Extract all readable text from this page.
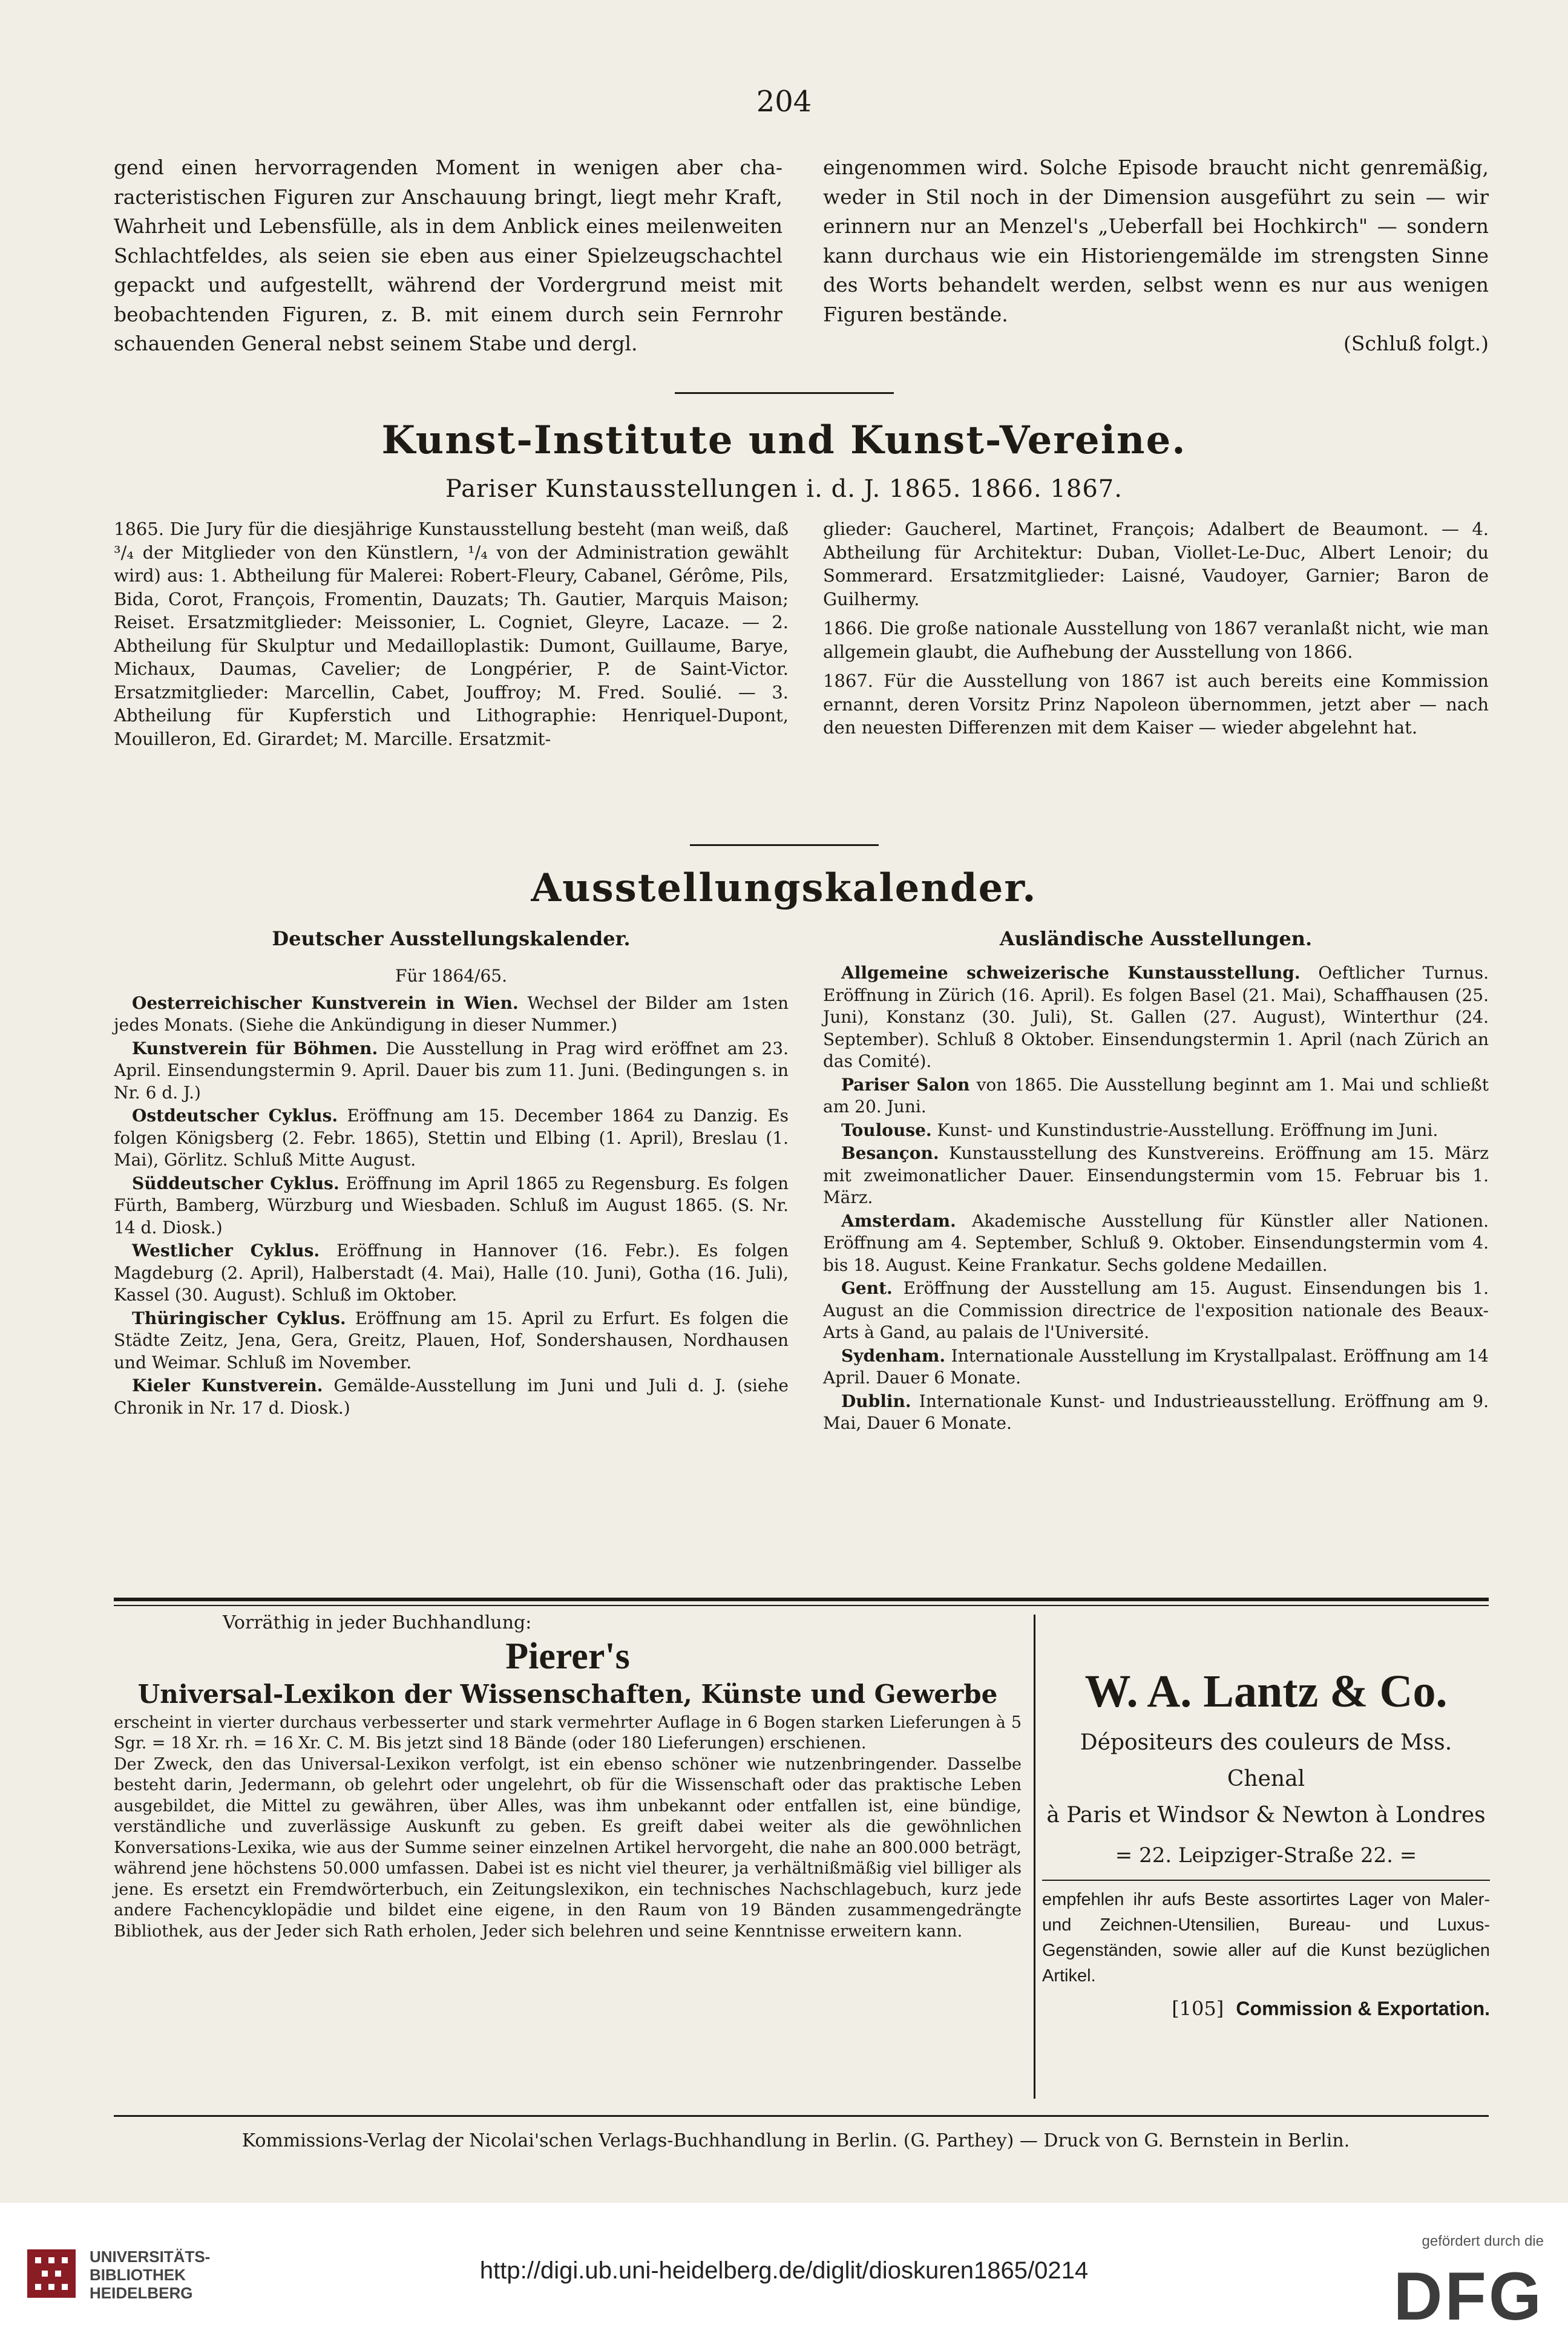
204

gend einen hervorragenden Moment in wenigen aber characteristischen Figuren zur Anschauung bringt, liegt mehr Kraft, Wahrheit und Lebensfülle, als in dem Anblick eines meilenweiten Schlachtfeldes, als seien sie eben aus einer Spielzeugschachtel gepackt und aufgestellt, während der Vordergrund meist mit beobachtenden Figuren, z. B. mit einem durch sein Fernrohr schauenden General nebst seinem Stabe und dergl.

eingenommen wird. Solche Episode braucht nicht genremäßig, weder in Stil noch in der Dimension ausgeführt zu sein — wir erinnern nur an Menzel's „Ueberfall bei Hochkirch" — sondern kann durchaus wie ein Historiengemälde im strengsten Sinne des Worts behandelt werden, selbst wenn es nur aus wenigen Figuren bestände.

(Schluß folgt.)
Kunst-Institute und Kunst-Vereine.
Pariser Kunstausstellungen i. d. J. 1865. 1866. 1867.

1865. Die Jury für die diesjährige Kunstausstellung besteht (man weiß, daß ³/₄ der Mitglieder von den Künstlern, ¹/₄ von der Administration gewählt wird) aus: 1. Abtheilung für Malerei: Robert-Fleury, Cabanel, Gérôme, Pils, Bida, Corot, François, Fromentin, Dauzats; Th. Gautier, Marquis Maison; Reiset. Ersatzmitglieder: Meissonier, L. Cogniet, Gleyre, Lacaze. — 2. Abtheilung für Skulptur und Medailloplastik: Dumont, Guillaume, Barye, Michaux, Daumas, Cavelier; de Longpérier, P. de Saint-Victor. Ersatzmitglieder: Marcellin, Cabet, Jouffroy; M. Fred. Soulié. — 3. Abtheilung für Kupferstich und Lithographie: Henriquel-Dupont, Mouilleron, Ed. Girardet; M. Marcille. Ersatzmit-

glieder: Gaucherel, Martinet, François; Adalbert de Beaumont. — 4. Abtheilung für Architektur: Duban, Viollet-Le-Duc, Albert Lenoir; du Sommerard. Ersatzmitglieder: Laisné, Vaudoyer, Garnier; Baron de Guilhermy.

1866. Die große nationale Ausstellung von 1867 veranlaßt nicht, wie man allgemein glaubt, die Aufhebung der Ausstellung von 1866.

1867. Für die Ausstellung von 1867 ist auch bereits eine Kommission ernannt, deren Vorsitz Prinz Napoleon übernommen, jetzt aber — nach den neuesten Differenzen mit dem Kaiser — wieder abgelehnt hat.

Ausstellungskalender.
Deutscher Ausstellungskalender.	Ausländische Ausstellungen.
Für 1864/65.

Oesterreichischer Kunstverein in Wien. Wechsel der Bilder am 1sten jedes Monats. (Siehe die Ankündigung in dieser Nummer.)

Kunstverein für Böhmen. Die Ausstellung in Prag wird eröffnet am 23. April. Einsendungstermin 9. April. Dauer bis zum 11. Juni. (Bedingungen s. in Nr. 6 d. J.)

Ostdeutscher Cyklus. Eröffnung am 15. December 1864 zu Danzig. Es folgen Königsberg (2. Febr. 1865), Stettin und Elbing (1. April), Breslau (1. Mai), Görlitz. Schluß Mitte August.

Süddeutscher Cyklus. Eröffnung im April 1865 zu Regensburg. Es folgen Fürth, Bamberg, Würzburg und Wiesbaden. Schluß im August 1865. (S. Nr. 14 d. Diosk.)

Westlicher Cyklus. Eröffnung in Hannover (16. Febr.). Es folgen Magdeburg (2. April), Halberstadt (4. Mai), Halle (10. Juni), Gotha (16. Juli), Kassel (30. August). Schluß im Oktober.

Thüringischer Cyklus. Eröffnung am 15. April zu Erfurt. Es folgen die Städte Zeitz, Jena, Gera, Greitz, Plauen, Hof, Sondershausen, Nordhausen und Weimar. Schluß im November.

Kieler Kunstverein. Gemälde-Ausstellung im Juni und Juli d. J. (siehe Chronik in Nr. 17 d. Diosk.)

Allgemeine schweizerische Kunstausstellung. Oeftlicher Turnus. Eröffnung in Zürich (16. April). Es folgen Basel (21. Mai), Schaffhausen (25. Juni), Konstanz (30. Juli), St. Gallen (27. August), Winterthur (24. September). Schluß 8 Oktober. Einsendungstermin 1. April (nach Zürich an das Comité).

Pariser Salon von 1865. Die Ausstellung beginnt am 1. Mai und schließt am 20. Juni.

Toulouse. Kunst- und Kunstindustrie-Ausstellung. Eröffnung im Juni.

Besançon. Kunstausstellung des Kunstvereins. Eröffnung am 15. März mit zweimonatlicher Dauer. Einsendungstermin vom 15. Februar bis 1. März.

Amsterdam. Akademische Ausstellung für Künstler aller Nationen. Eröffnung am 4. September, Schluß 9. Oktober. Einsendungstermin vom 4. bis 18. August. Keine Frankatur. Sechs goldene Medaillen.

Gent. Eröffnung der Ausstellung am 15. August. Einsendungen bis 1. August an die Commission directrice de l'exposition nationale des Beaux-Arts à Gand, au palais de l'Université.

Sydenham. Internationale Ausstellung im Krystallpalast. Eröffnung am 14 April. Dauer 6 Monate.

Dublin. Internationale Kunst- und Industrieausstellung. Eröffnung am 9. Mai, Dauer 6 Monate.

Vorräthig in jeder Buchhandlung:
Pierer's
Universal-Lexikon der Wissenschaften, Künste und Gewerbe

erscheint in vierter durchaus verbesserter und stark vermehrter Auflage in 6 Bogen starken Lieferungen à 5 Sgr. = 18 Xr. rh. = 16 Xr. C. M. Bis jetzt sind 18 Bände (oder 180 Lieferungen) erschienen.

Der Zweck, den das Universal-Lexikon verfolgt, ist ein ebenso schöner wie nutzenbringender. Dasselbe besteht darin, Jedermann, ob gelehrt oder ungelehrt, ob für die Wissenschaft oder das praktische Leben ausgebildet, die Mittel zu gewähren, über Alles, was ihm unbekannt oder entfallen ist, eine bündige, verständliche und zuverlässige Auskunft zu geben. Es greift dabei weiter als die gewöhnlichen Konversations-Lexika, wie aus der Summe seiner einzelnen Artikel hervorgeht, die nahe an 800.000 beträgt, während jene höchstens 50.000 umfassen. Dabei ist es nicht viel theurer, ja verhältnißmäßig viel billiger als jene. Es ersetzt ein Fremdwörterbuch, ein Zeitungslexikon, ein technisches Nachschlagebuch, kurz jede andere Fachencyklopädie und bildet eine eigene, in den Raum von 19 Bänden zusammengedrängte Bibliothek, aus der Jeder sich Rath erholen, Jeder sich belehren und seine Kenntnisse erweitern kann.

W. A. Lantz & Co.
Dépositeurs des couleurs de Mss. Chenal
à Paris et Windsor & Newton à Londres
= 22. Leipziger-Straße 22. =
empfehlen ihr aufs Beste assortirtes Lager von Maler- und Zeichnen-Utensilien, Bureau- und Luxus-Gegenständen, sowie aller auf die Kunst bezüglichen Artikel.
[105] Commission & Exportation.
Kommissions-Verlag der Nicolai'schen Verlags-Buchhandlung in Berlin. (G. Parthey) — Druck von G. Bernstein in Berlin.
UNIVERSITÄTS-
BIBLIOTHEK
HEIDELBERG
http://digi.ub.uni-heidelberg.de/diglit/dioskuren1865/0214
gefördert durch die
DFG
